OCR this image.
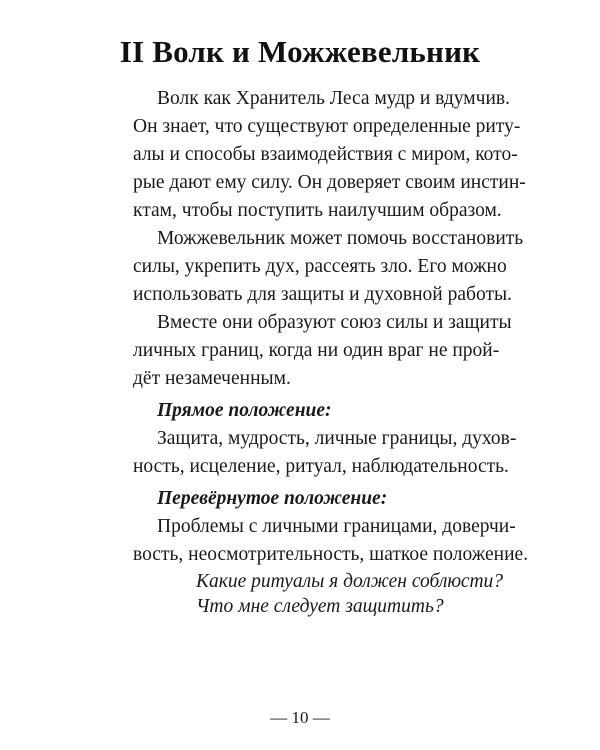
II Волк и Можжевельник
Волк как Хранитель Леса мудр и вдумчив.
Он знает, что существуют определенные риту-
алы и способы взаимодействия с миром, кото-
рые дают ему силу. Он доверяет своим инстин-
ктам, чтобы поступить наилучшим образом.
Можжевельник может помочь восстановить
силы, укрепить дух, рассеять зло. Его можно
использовать для защиты и духовной работы.
Вместе они образуют союз силы и защиты
личных границ, когда ни один враг не прой-
дёт незамеченным.
Прямое положение:
Защита, мудрость, личные границы, духов-
ность, исцеление, ритуал, наблюдательность.
Перевёрнутое положение:
Проблемы с личными границами, доверчи-
вость, неосмотрительность, шаткое положение.
Какие ритуалы я должен соблюсти?
Что мне следует защитить?
— 10 —
